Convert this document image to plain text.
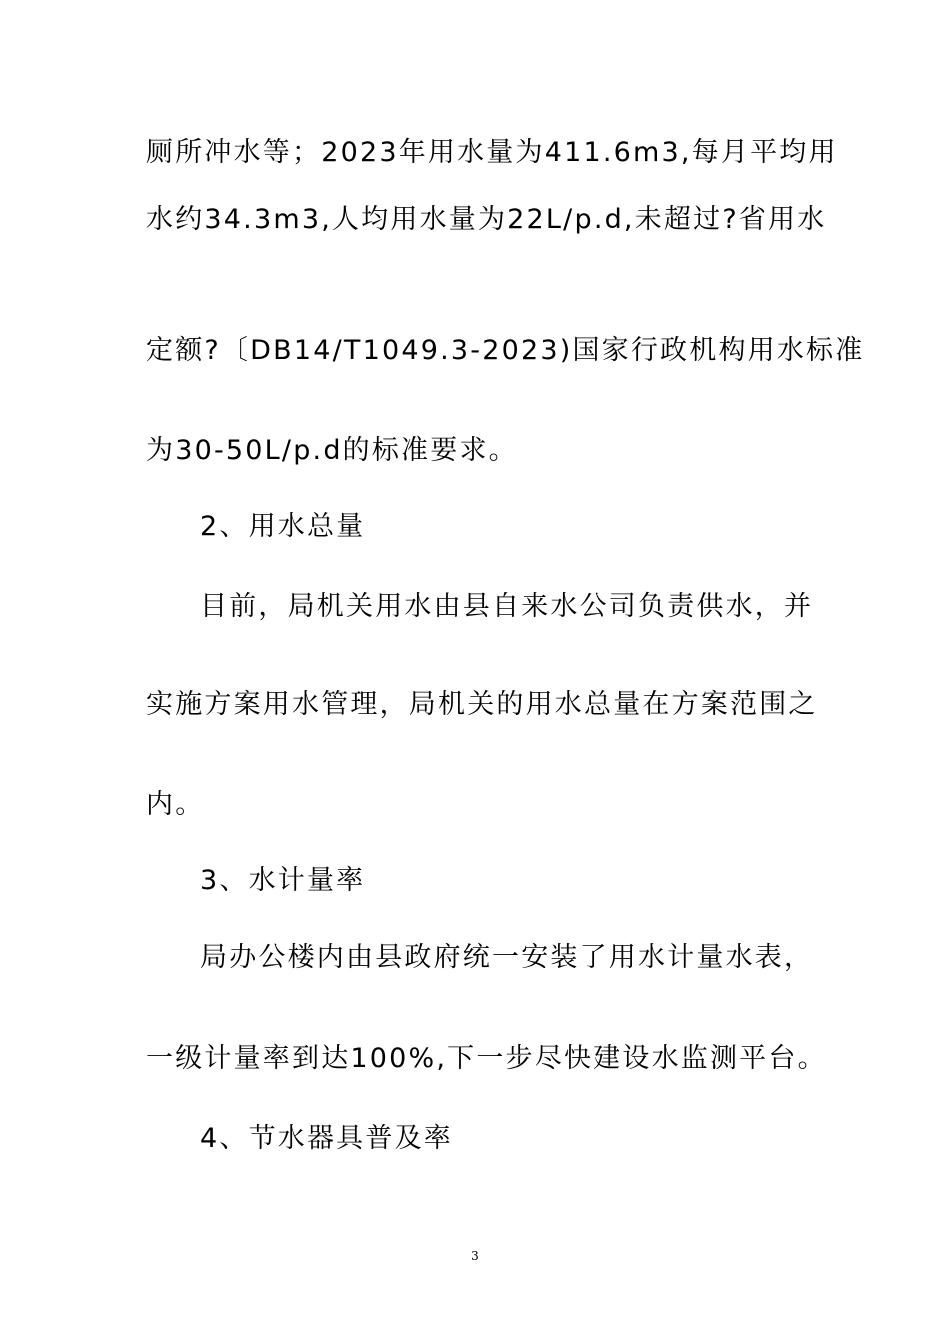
厕所冲水等；2023年用水量为411.6m3,每月平均用
水约34.3m3,人均用水量为22L/p.d,未超过?省用水
定额?〔DB14/T1049.3-2023)国家行政机构用水标准
为30-50L/p.d的标准要求。
2、用水总量
目前，局机关用水由县自来水公司负责供水，并
实施方案用水管理，局机关的用水总量在方案范围之
内。
3、水计量率
局办公楼内由县政府统一安装了用水计量水表，
一级计量率到达100%,下一步尽快建设水监测平台。
4、节水器具普及率
3
